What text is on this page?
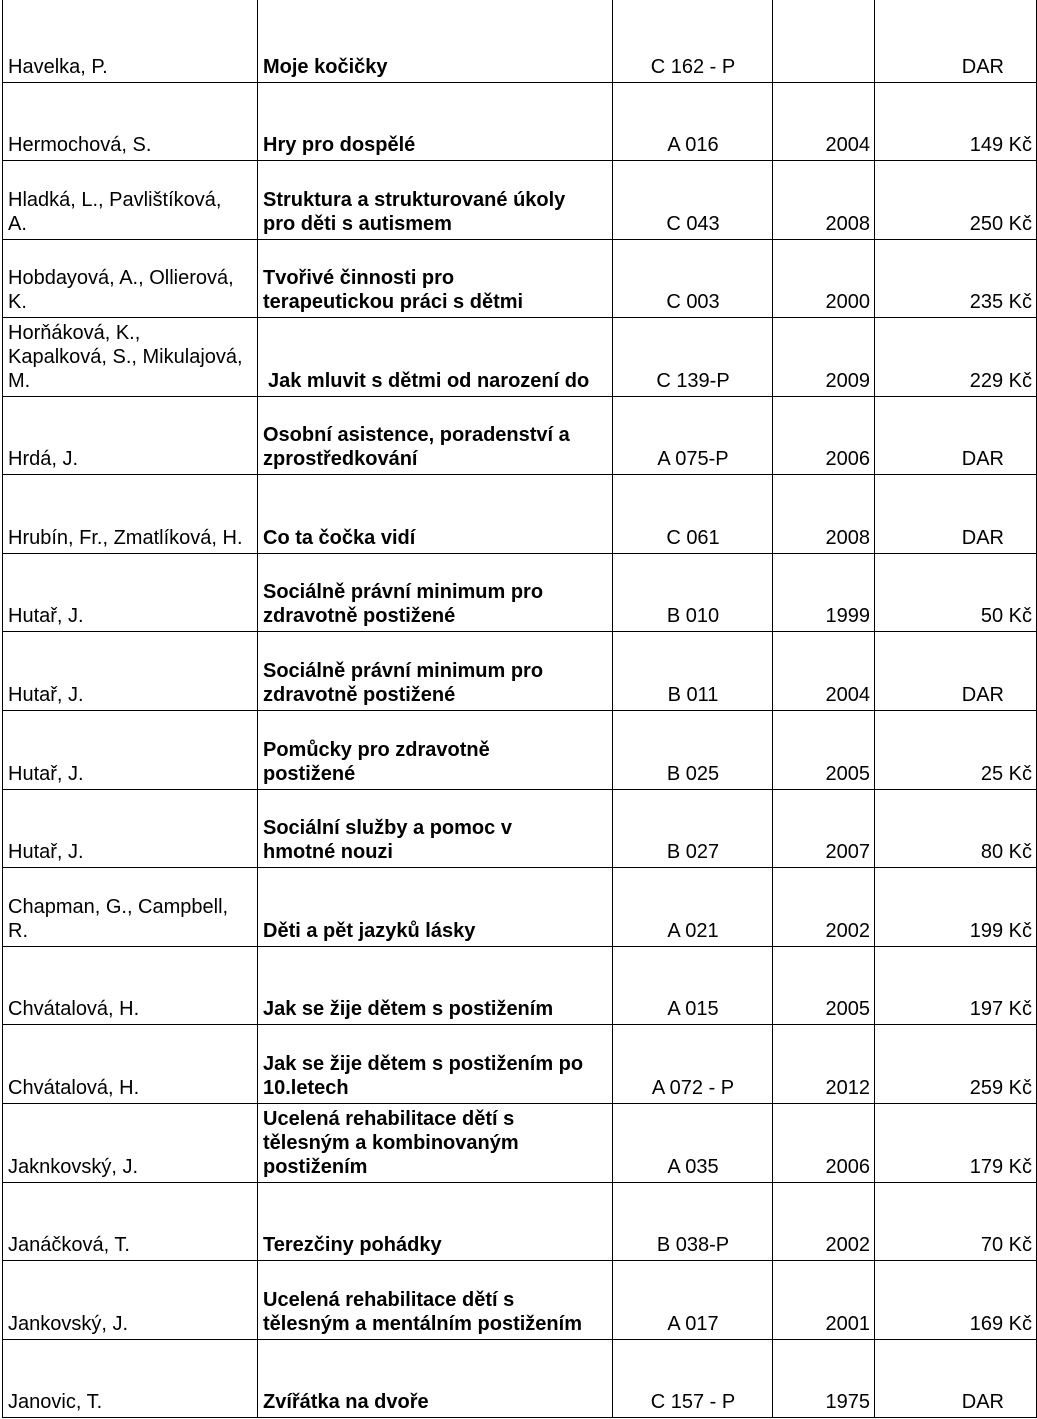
Havelka, P.	Moje kočičky	C 162 - P		DAR
Hermochová, S.	Hry pro dospělé	A 016	2004	149 Kč
Hladká, L., Pavlištíková,
A.	Struktura a strukturované úkoly
pro děti s autismem	C 043	2008	250 Kč
Hobdayová, A., Ollierová,
K.	Tvořivé činnosti pro
terapeutickou práci s dětmi	C 003	2000	235 Kč
Horňáková, K.,
Kapalková, S., Mikulajová,
M.	Jak mluvit s dětmi od narození do	C 139-P	2009	229 Kč
Hrdá, J.	Osobní asistence, poradenství a
zprostředkování	A 075-P	2006	DAR
Hrubín, Fr., Zmatlíková, H.	Co ta čočka vidí	C 061	2008	DAR
Hutař, J.	Sociálně právní minimum pro
zdravotně postižené	B 010	1999	50 Kč
Hutař, J.	Sociálně právní minimum pro
zdravotně postižené	B 011	2004	DAR
Hutař, J.	Pomůcky pro zdravotně
postižené	B 025	2005	25 Kč
Hutař, J.	Sociální služby a pomoc v
hmotné nouzi	B 027	2007	80 Kč
Chapman, G., Campbell,
R.	Děti a pět jazyků lásky	A 021	2002	199 Kč
Chvátalová, H.	Jak se žije dětem s postižením	A 015	2005	197 Kč
Chvátalová, H.	Jak se žije dětem s postižením po
10.letech	A 072 - P	2012	259 Kč
Jaknkovský, J.	Ucelená rehabilitace dětí s
tělesným a kombinovaným
postižením	A 035	2006	179 Kč
Janáčková, T.	Terezčiny pohádky	B 038-P	2002	70 Kč
Jankovský, J.	Ucelená rehabilitace dětí s
tělesným a mentálním postižením	A 017	2001	169 Kč
Janovic, T.	Zvířátka na dvoře	C 157 - P	1975	DAR
